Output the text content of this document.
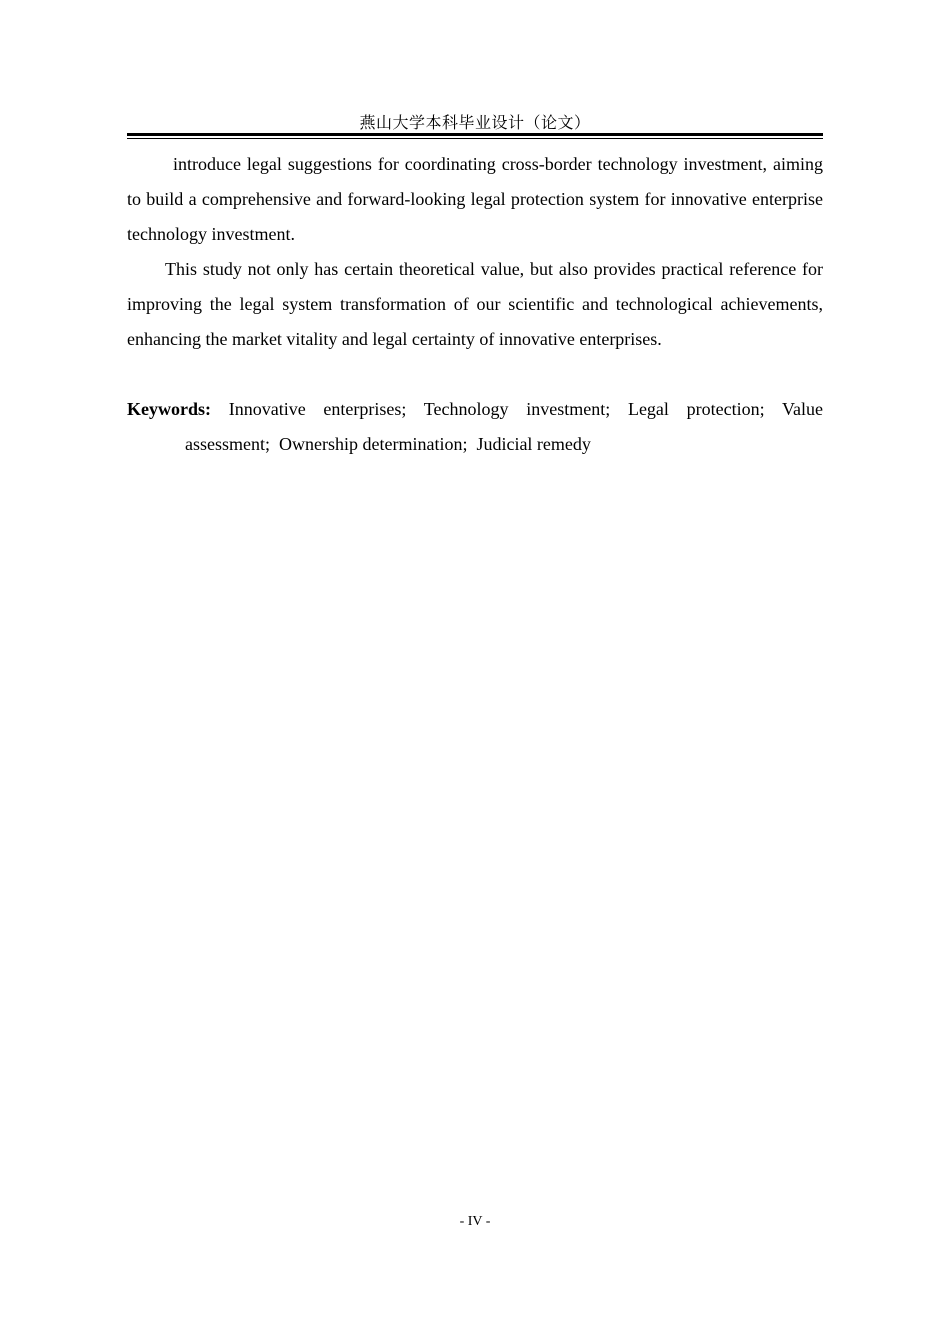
燕山大学本科毕业设计（论文）

introduce legal suggestions for coordinating cross-border technology investment, aiming to build a comprehensive and forward-looking legal protection system for innovative enterprise technology investment.

This study not only has certain theoretical value, but also provides practical reference for improving the legal system transformation of our scientific and technological achievements, enhancing the market vitality and legal certainty of innovative enterprises.

Keywords: Innovative enterprises; Technology investment; Legal protection; Value
assessment;  Ownership determination;  Judicial remedy
- IV -
